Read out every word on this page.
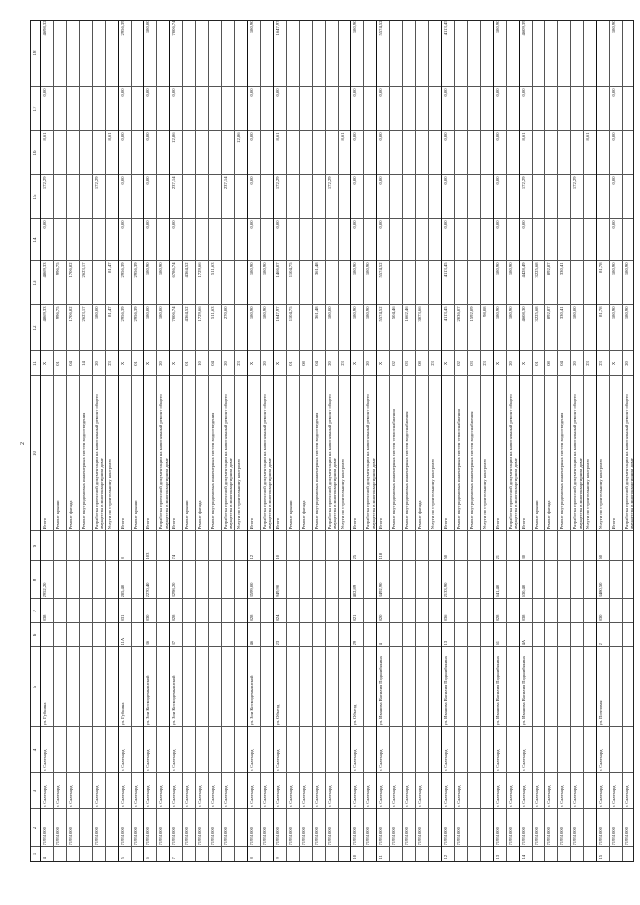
2
1
2
3
4
5
6
7
8
9
10
11
12
13
14
15
16
17
18
4
71951000
г. Салехард
г. Салехард
ул. Губкина
838
2952,20
Итого
X
4869,33
4869,33
0,00
172,29
8,61
0,00
4698,32
71951000
г. Салехард
Ремонт крыши
01
996,75
996,75
71951000
г. Салехард
Ремонт фасада
04
1706,82
1706,82
Ремонт внутридомовых инженерных систем водоотведения
14
2623,17
2623,17
71951000
г. Салехард
Разработка проектной документации на капитальный ремонт общего имущества в многоквартирном доме
20
180,00
172,29
Услуги по строительному контролю
23
81,47
81,47
8,61
5
71951000
г. Салехард
г. Салехард
ул. Губкина
11А
831
285,40
8
Итого
X
2956,39
2956,39
0,00
0,00
0,00
0,00
2956,39
71951000
г. Салехард
Ремонт крыши
01
2956,39
2956,39
6
71951000
г. Салехард
г. Салехард
ул. Зои Космодемьянской
36
830
2270,40
103
Итого
X
180,00
180,90
0,00
0,00
0,00
0,00
180,00
71951000
г. Салехард
Разработка проектной документации на капитальный ремонт общего имущества в многоквартирном доме
20
180,00
180,90
7
71951000
г. Салехард
г. Салехард
ул. Зои Космодемьянской
37
828
3298,20
74
Итого
X
7006,74
6786,74
0,00
237,14
12,86
0,00
7006,74
71951000
г. Салехард
Ремонт крыши
01
4364,52
4364,52
71951000
г. Салехард
Ремонт фасада
10
1729,66
1729,66
71951000
г. Салехард
Ремонт внутридомовых инженерных систем водоотведения
04
511,63
511,63
71951000
г. Салехард
Разработка проектной документации на капитальный ремонт общего имущества в многоквартирном доме
20
270,00
237,14
Услуги по строительному контролю
23
12,86
8
71951000
г. Салехард
г. Салехард
ул. Зои Космодемьянской
46
828
3599,00
12
Итого
X
180,90
180,90
0,00
0,00
0,00
0,00
180,90
71951000
г. Салехард
Разработка проектной документации на капитальный ремонт общего имущества в многоквартирном доме
20
180,90
180,90
9
71951000
г. Салехард
г. Салехард
ул. Объезд
23
824
949,90
10
Итого
X
1647,97
1466,07
0,00
172,29
8,61
0,00
1647,97
71951000
г. Салехард
Ремонт крыши
01
1104,75
1104,75
71951000
г. Салехард
Ремонт фасада
08
71951000
г. Салехард
Ремонт внутридомовых инженерных систем водоотведения
04
361,48
361,48
71951000
г. Салехард
Разработка проектной документации на капитальный ремонт общего имущества в многоквартирном доме
20
180,00
172,29
Услуги по строительному контролю
23
8,61
10
71951000
г. Салехард
г. Салехард
ул. Объезд
29
821
402,89
25
Итого
X
180,90
180,90
0,00
0,00
0,00
0,00
180,90
71951000
г. Салехард
Разработка проектной документации на капитальный ремонт общего имущества в многоквартирном доме
20
180,90
180,90
11
71951000
г. Салехард
г. Салехард
ул. Иванова Василия Подшибякина
4
820
3492,90
118
Итого
X
5574,52
5574,52
0,00
0,00
0,00
0,00
5574,52
71951000
г. Салехард
Ремонт внутридомовых инженерных систем теплоснабжения
02
504,46
71951000
г. Салехард
Ремонт внутридомовых инженерных систем водоснабжения
03
1662,46
71951000
г. Салехард
Ремонт фасада
08
3073,66
Услуги по строительному контролю
23
12
71951000
г. Салехард
г. Салехард
ул. Иванова Василия Подшибякина
13
836
2133,90
50
Итого
X
4113,45
4113,45
0,00
0,00
0,00
0,00
4113,45
71951000
г. Салехард
Ремонт внутридомовых инженерных систем теплоснабжения
02
2036,07
Ремонт внутридомовых инженерных систем водоснабжения
03
1592,09
Услуги по строительному контролю
23
98,08
13
71951000
г. Салехард
г. Салехард
ул. Иванова Василия Подшибякина
61
828
641,40
21
Итого
X
180,90
180,90
0,00
0,00
0,00
0,00
180,90
71951000
г. Салехард
Разработка проектной документации на капитальный ремонт общего имущества в многоквартирном доме
20
180,90
180,90
14
71951000
г. Салехард
г. Салехард
ул. Иванова Василия Подшибякина
4А
838
630,40
30
Итого
X
4608,30
4428,49
0,00
172,29
8,61
0,00
4609,39
71951000
г. Салехард
Ремонт крыши
01
3225,68
3225,68
71951000
г. Салехард
Ремонт фасада
08
892,87
892,87
71951000
г. Салехард
Ремонт внутридомовых инженерных систем водоотведения
04
330,41
330,41
71951000
г. Салехард
Разработка проектной документации на капитальный ремонт общего имущества в многоквартирном доме
20
180,00
172,29
Услуги по строительному контролю
23
8,61
15
71951000
г. Салехард
г. Салехард
ул. Почтовая
2
830
3480,50
60
Услуги по строительному контролю
23
81,78
81,78
71951000
г. Салехард
Итого
X
180,90
180,90
0,00
0,00
0,00
0,00
180,90
71951000
г. Салехард
Разработка проектной документации на капитальный ремонт общего имущества в многоквартирном доме
20
180,90
180,90
